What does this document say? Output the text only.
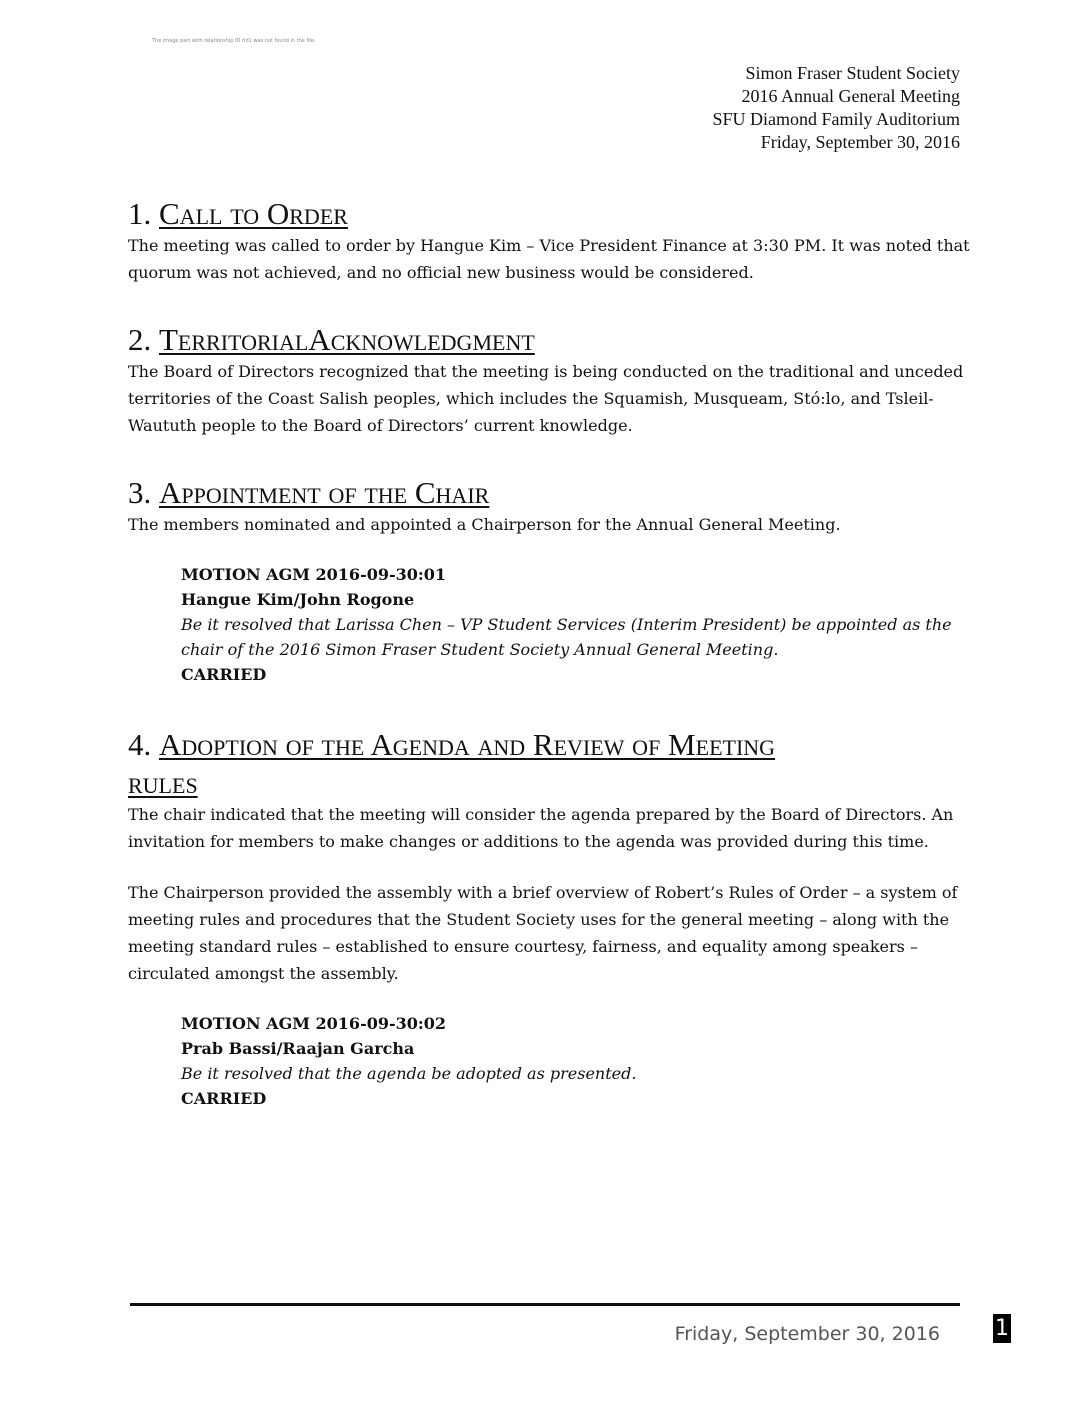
The image part with relationship ID rId1 was not found in the file.
Simon Fraser Student Society
2016 Annual General Meeting
SFU Diamond Family Auditorium
Friday, September 30, 2016
1. Call to Order

The meeting was called to order by Hangue Kim – Vice President Finance at 3:30 PM. It was noted that quorum was not achieved, and no official new business would be considered.

2. TerritorialAcknowledgment

The Board of Directors recognized that the meeting is being conducted on the traditional and unceded territories of the Coast Salish peoples, which includes the Squamish, Musqueam, Stó:lo, and Tsleil-Waututh people to the Board of Directors’ current knowledge.

3. Appointment of the Chair

The members nominated and appointed a Chairperson for the Annual General Meeting.

MOTION AGM 2016-09-30:01
Hangue Kim/John Rogone
Be it resolved that Larissa Chen – VP Student Services (Interim President) be appointed as the chair of the 2016 Simon Fraser Student Society Annual General Meeting.
CARRIED
4. Adoption of the Agenda and Review of Meeting
rules

The chair indicated that the meeting will consider the agenda prepared by the Board of Directors. An invitation for members to make changes or additions to the agenda was provided during this time.

The Chairperson provided the assembly with a brief overview of Robert’s Rules of Order – a system of meeting rules and procedures that the Student Society uses for the general meeting – along with the meeting standard rules – established to ensure courtesy, fairness, and equality among speakers – circulated amongst the assembly.

MOTION AGM 2016-09-30:02
Prab Bassi/Raajan Garcha
Be it resolved that the agenda be adopted as presented.
CARRIED
Friday, September 30, 2016	1
